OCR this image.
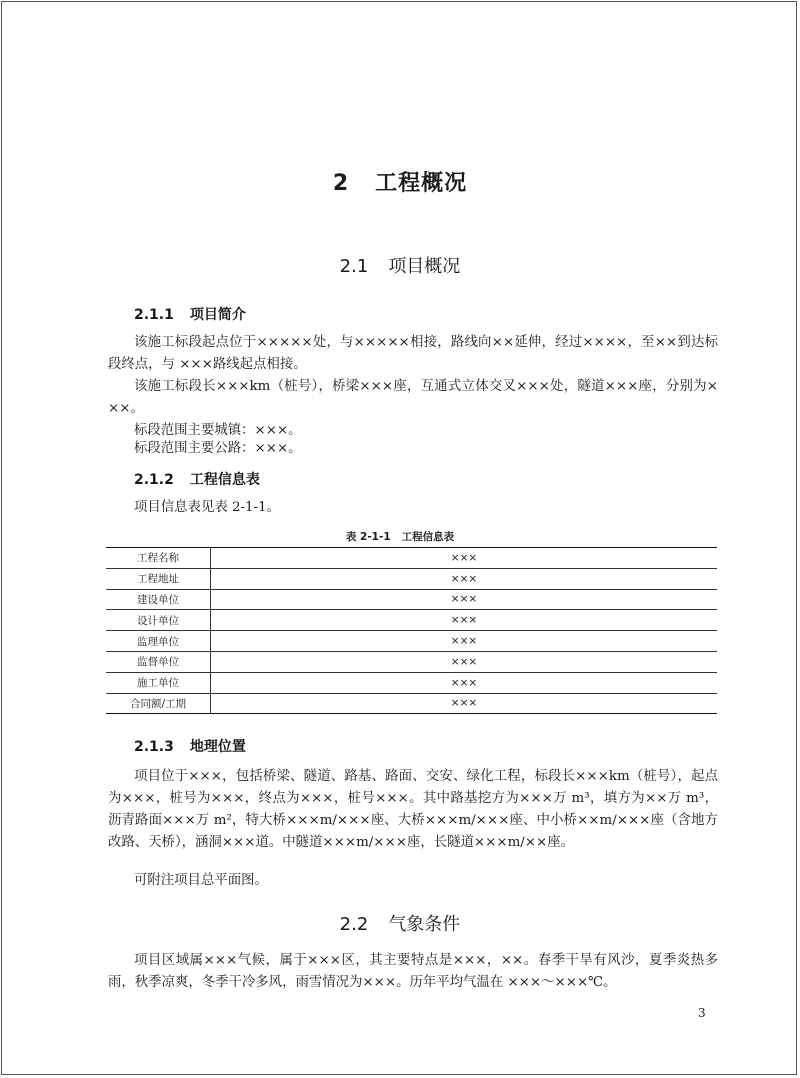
2 工程概况
2.1 项目概况
2.1.1 项目简介
该施工标段起点位于×××××处，与×××××相接，路线向××延伸，经过××××，至××到达标段终点，与 ×××路线起点相接。
该施工标段长×××km（桩号），桥梁×××座，互通式立体交叉×××处，隧道×××座，分别为×××。
标段范围主要城镇：×××。
标段范围主要公路：×××。
2.1.2 工程信息表
项目信息表见表 2-1-1。
表 2-1-1 工程信息表
工程名称	×××
工程地址	×××
建设单位	×××
设计单位	×××
监理单位	×××
监督单位	×××
施工单位	×××
合同额/工期	×××
2.1.3 地理位置
项目位于×××，包括桥梁、隧道、路基、路面、交安、绿化工程，标段长×××km（桩号），起点为×××，桩号为×××，终点为×××，桩号×××。其中路基挖方为×××万 m³，填方为××万 m³，沥青路面×××万 m²，特大桥×××m/×××座、大桥×××m/×××座、中小桥××m/×××座（含地方改路、天桥），涵洞×××道。中隧道×××m/×××座，长隧道×××m/××座。
可附注项目总平面图。
2.2 气象条件
项目区域属×××气候，属于×××区，其主要特点是×××，××。春季干旱有风沙，夏季炎热多雨，秋季凉爽，冬季干冷多风，雨雪情况为×××。历年平均气温在 ×××～×××℃。
3
